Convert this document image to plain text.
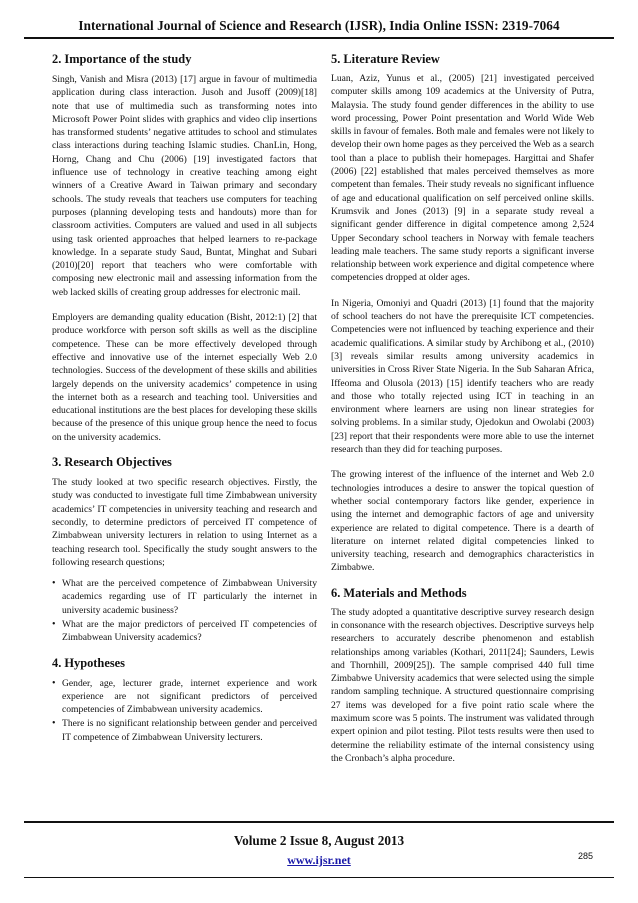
International Journal of Science and Research (IJSR), India Online ISSN: 2319-7064
2. Importance of the study

Singh, Vanish and Misra (2013) [17] argue in favour of multimedia application during class interaction. Jusoh and Jusoff (2009)[18] note that use of multimedia such as transforming notes into Microsoft Power Point slides with graphics and video clip insertions has transformed students’ negative attitudes to school and stimulates class interactions during teaching Islamic studies. ChanLin, Hong, Horng, Chang and Chu (2006) [19] investigated factors that influence use of technology in creative teaching among eight winners of a Creative Award in Taiwan primary and secondary schools. The study reveals that teachers use computers for teaching purposes (planning developing tests and handouts) more than for classroom activities. Computers are valued and used in all subjects using task oriented approaches that helped learners to re-package knowledge. In a separate study Saud, Buntat, Minghat and Subari (2010)[20] report that teachers who were comfortable with composing new electronic mail and assessing information from the web lacked skills of creating group addresses for electronic mail.

Employers are demanding quality education (Bisht, 2012:1) [2] that produce workforce with person soft skills as well as the discipline competence. These can be more effectively developed through effective and innovative use of the internet especially Web 2.0 technologies. Success of the development of these skills and abilities largely depends on the university academics’ competence in using the internet both as a research and teaching tool. Universities and educational institutions are the best places for developing these skills because of the presence of this unique group hence the need to focus on the university academics.

3. Research Objectives

The study looked at two specific research objectives. Firstly, the study was conducted to investigate full time Zimbabwean university academics’ IT competencies in university teaching and research and secondly, to determine predictors of perceived IT competence of Zimbabwean university lecturers in relation to using Internet as a teaching research tool. Specifically the study sought answers to the following research questions;

• What are the perceived competence of Zimbabwean University academics regarding use of IT particularly the internet in university academic business?
• What are the major predictors of perceived IT competencies of Zimbabwean University academics?
4. Hypotheses
• Gender, age, lecturer grade, internet experience and work experience are not significant predictors of perceived competencies of Zimbabwean university academics.
• There is no significant relationship between gender and perceived IT competence of Zimbabwean University lecturers.
5. Literature Review

Luan, Aziz, Yunus et al., (2005) [21] investigated perceived computer skills among 109 academics at the University of Putra, Malaysia. The study found gender differences in the ability to use word processing, Power Point presentation and World Wide Web skills in favour of females. Both male and females were not likely to develop their own home pages as they perceived the Web as a search tool than a place to publish their homepages. Hargittai and Shafer (2006) [22] established that males perceived themselves as more competent than females. Their study reveals no significant influence of age and educational qualification on self perceived online skills. Krumsvik and Jones (2013) [9] in a separate study reveal a significant gender difference in digital competence among 2,524 Upper Secondary school teachers in Norway with female teachers leading male teachers. The same study reports a significant inverse relationship between work experience and digital competence where competencies dropped at older ages.

In Nigeria, Omoniyi and Quadri (2013) [1] found that the majority of school teachers do not have the prerequisite ICT competencies. Competencies were not influenced by teaching experience and their academic qualifications. A similar study by Archibong et al., (2010) [3] reveals similar results among university academics in universities in Cross River State Nigeria. In the Sub Saharan Africa, Iffeoma and Olusola (2013) [15] identify teachers who are ready and those who totally rejected using ICT in teaching in an environment where learners are using non linear strategies for solving problems. In a similar study, Ojedokun and Owolabi (2003) [23] report that their respondents were more able to use the internet research than they did for teaching purposes.

The growing interest of the influence of the internet and Web 2.0 technologies introduces a desire to answer the topical question of whether social contemporary factors like gender, experience in using the internet and demographic factors of age and university experience are related to digital competence. There is a dearth of literature on internet related digital competencies linked to university teaching, research and demographics characteristics in Zimbabwe.

6. Materials and Methods

The study adopted a quantitative descriptive survey research design in consonance with the research objectives. Descriptive surveys help researchers to accurately describe phenomenon and establish relationships among variables (Kothari, 2011[24]; Saunders, Lewis and Thornhill, 2009[25]). The sample comprised 440 full time Zimbabwe University academics that were selected using the simple random sampling technique. A structured questionnaire comprising 27 items was developed for a five point ratio scale where the maximum score was 5 points. The instrument was validated through expert opinion and pilot testing. Pilot tests results were then used to determine the reliability estimate of the internal consistency using the Cronbach’s alpha procedure.

Volume 2 Issue 8, August 2013
www.ijsr.net	285
